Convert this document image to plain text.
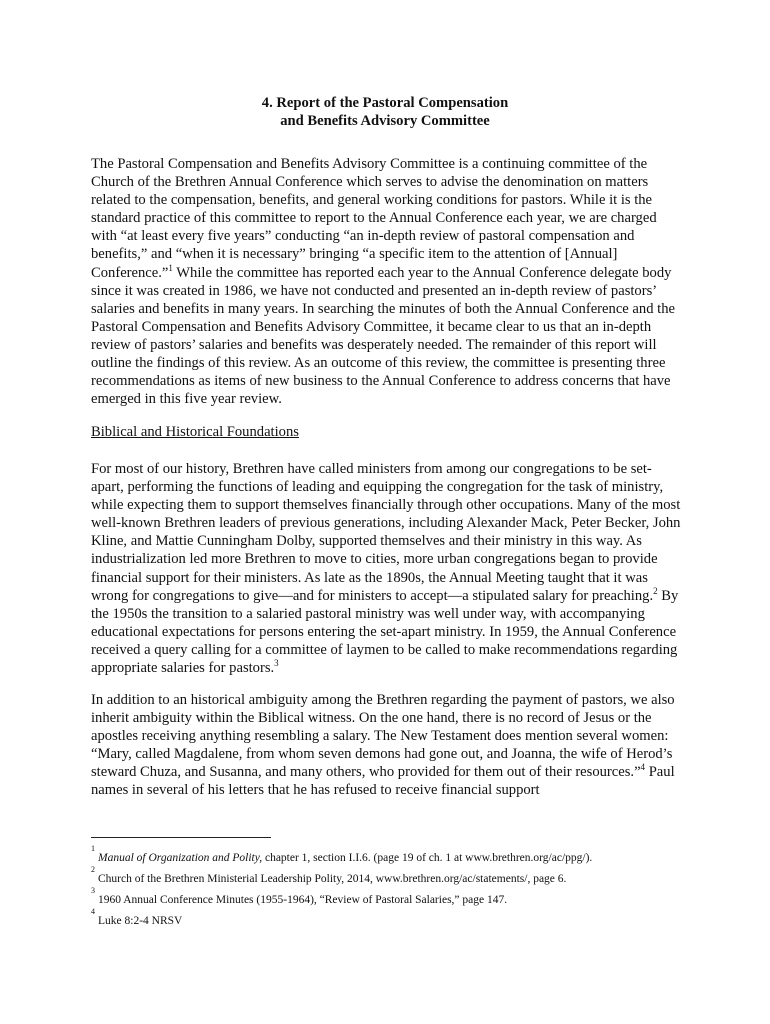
4. Report of the Pastoral Compensation
and Benefits Advisory Committee

The Pastoral Compensation and Benefits Advisory Committee is a continuing committee of the Church of the Brethren Annual Conference which serves to advise the denomination on matters related to the compensation, benefits, and general working conditions for pastors. While it is the standard practice of this committee to report to the Annual Conference each year, we are charged with “at least every five years” conducting “an in-depth review of pastoral compensation and benefits,” and “when it is necessary” bringing “a specific item to the attention of [Annual] Conference.”$^1$ While the committee has reported each year to the Annual Conference delegate body since it was created in 1986, we have not conducted and presented an in-depth review of pastors’ salaries and benefits in many years. In searching the minutes of both the Annual Conference and the Pastoral Compensation and Benefits Advisory Committee, it became clear to us that an in-depth review of pastors’ salaries and benefits was desperately needed. The remainder of this report will outline the findings of this review. As an outcome of this review, the committee is presenting three recommendations as items of new business to the Annual Conference to address concerns that have emerged in this five year review.

Biblical and Historical Foundations

For most of our history, Brethren have called ministers from among our congregations to be set-apart, performing the functions of leading and equipping the congregation for the task of ministry, while expecting them to support themselves financially through other occupations. Many of the most well-known Brethren leaders of previous generations, including Alexander Mack, Peter Becker, John Kline, and Mattie Cunningham Dolby, supported themselves and their ministry in this way. As industrialization led more Brethren to move to cities, more urban congregations began to provide financial support for their ministers. As late as the 1890s, the Annual Meeting taught that it was wrong for congregations to give—and for ministers to accept—a stipulated salary for preaching.$^2$ By the 1950s the transition to a salaried pastoral ministry was well under way, with accompanying educational expectations for persons entering the set-apart ministry. In 1959, the Annual Conference received a query calling for a committee of laymen to be called to make recommendations regarding appropriate salaries for pastors.$^3$

In addition to an historical ambiguity among the Brethren regarding the payment of pastors, we also inherit ambiguity within the Biblical witness. On the one hand, there is no record of Jesus or the apostles receiving anything resembling a salary. The New Testament does mention several women: “Mary, called Magdalene, from whom seven demons had gone out, and Joanna, the wife of Herod’s steward Chuza, and Susanna, and many others, who provided for them out of their resources.”$^4$ Paul names in several of his letters that he has refused to receive financial support

1
Manual of Organization and Polity, chapter 1, section I.I.6. (page 19 of ch. 1 at www.brethren.org/ac/ppg/).
2
Church of the Brethren Ministerial Leadership Polity, 2014, www.brethren.org/ac/statements/, page 6.
3
1960 Annual Conference Minutes (1955-1964), “Review of Pastoral Salaries,” page 147.
4
Luke 8:2-4 NRSV
